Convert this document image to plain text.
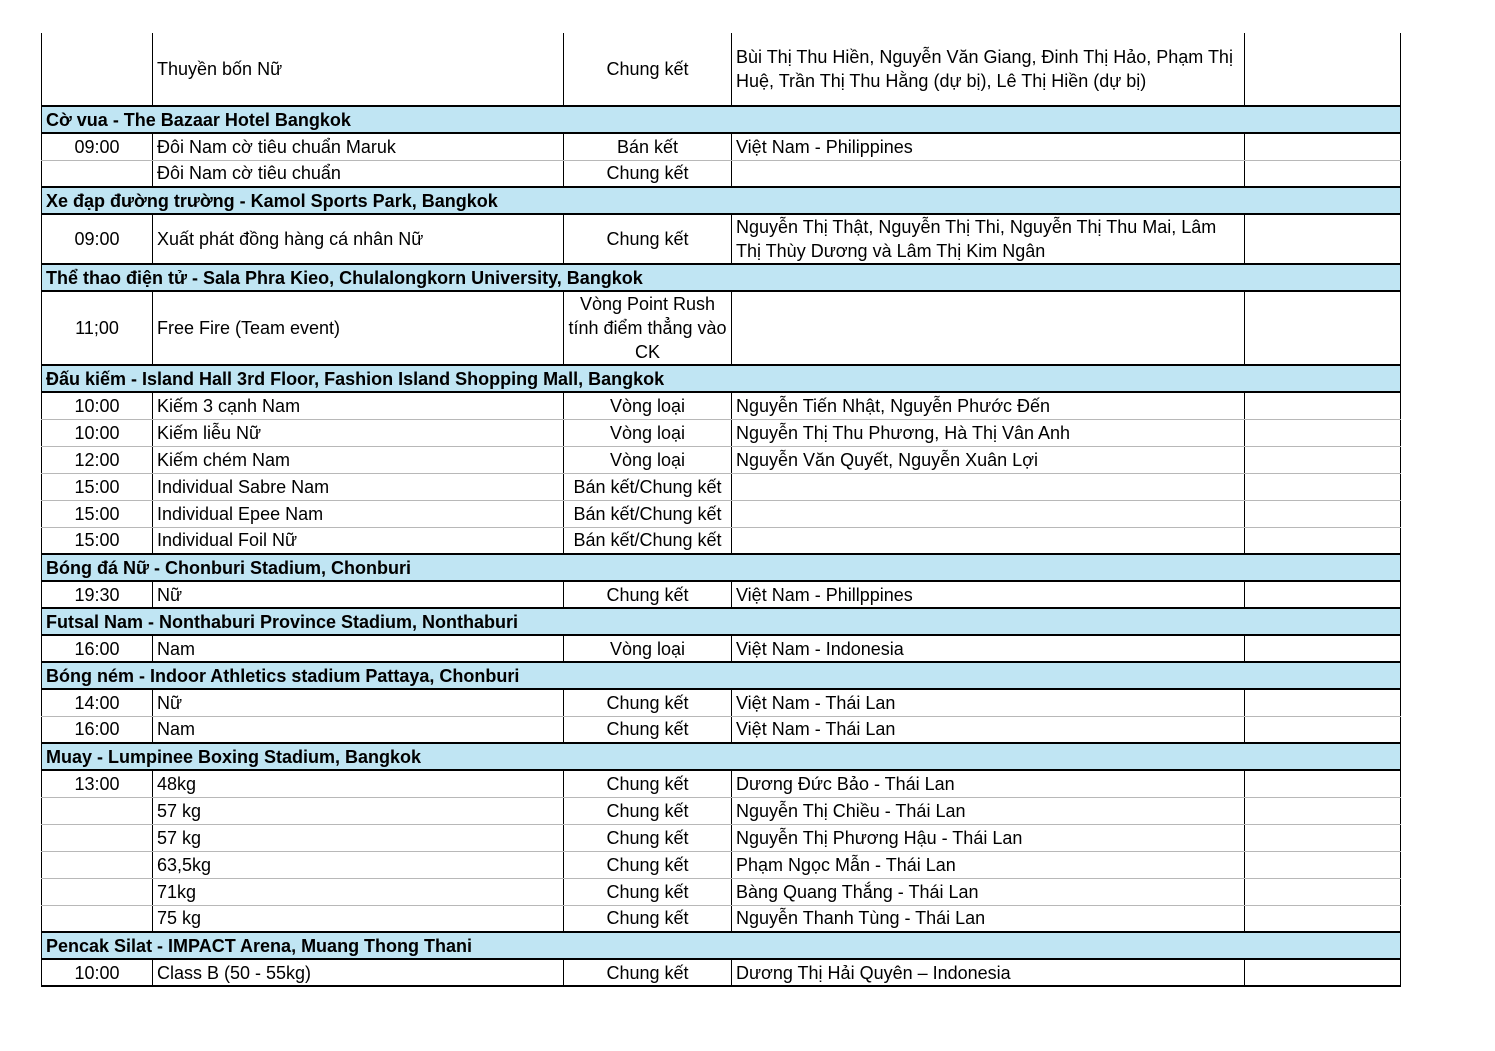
	Thuyền bốn Nữ	Chung kết	Bùi Thị Thu Hiền, Nguyễn Văn Giang, Đinh Thị Hảo, Phạm Thị Huệ, Trần Thị Thu Hằng (dự bị), Lê Thị Hiền (dự bị)	
Cờ vua - The Bazaar Hotel Bangkok				
09:00	Đôi Nam cờ tiêu chuẩn Maruk	Bán kết	Việt Nam - Philippines	
	Đôi Nam cờ tiêu chuẩn	Chung kết		
Xe đạp đường trường - Kamol Sports Park, Bangkok				
09:00	Xuất phát đồng hàng cá nhân Nữ	Chung kết	Nguyễn Thị Thật, Nguyễn Thị Thi, Nguyễn Thị Thu Mai, Lâm Thị Thùy Dương và Lâm Thị Kim Ngân	
Thể thao điện tử - Sala Phra Kieo, Chulalongkorn University, Bangkok				
11;00	Free Fire (Team event)	Vòng Point Rush tính điểm thẳng vào CK		
Đấu kiếm - Island Hall 3rd Floor, Fashion Island Shopping Mall, Bangkok				
10:00	Kiếm 3 cạnh Nam	Vòng loại	Nguyễn Tiến Nhật, Nguyễn Phước Đến	
10:00	Kiếm liễu Nữ	Vòng loại	Nguyễn Thị Thu Phương, Hà Thị Vân Anh	
12:00	Kiếm chém Nam	Vòng loại	Nguyễn Văn Quyết, Nguyễn Xuân Lợi	
15:00	Individual Sabre Nam	Bán kết/Chung kết		
15:00	Individual Epee Nam	Bán kết/Chung kết		
15:00	Individual Foil Nữ	Bán kết/Chung kết		
Bóng đá Nữ - Chonburi Stadium, Chonburi				
19:30	Nữ	Chung kết	Việt Nam - Phillppines	
Futsal Nam - Nonthaburi Province Stadium, Nonthaburi				
16:00	Nam	Vòng loại	Việt Nam - Indonesia	
Bóng ném - Indoor Athletics stadium Pattaya, Chonburi				
14:00	Nữ	Chung kết	Việt Nam - Thái Lan	
16:00	Nam	Chung kết	Việt Nam - Thái Lan	
Muay - Lumpinee Boxing Stadium, Bangkok				
13:00	48kg	Chung kết	Dương Đức Bảo - Thái Lan	
	57 kg	Chung kết	Nguyễn Thị Chiều - Thái Lan	
	57 kg	Chung kết	Nguyễn Thị Phương Hậu - Thái Lan	
	63,5kg	Chung kết	Phạm Ngọc Mẫn - Thái Lan	
	71kg	Chung kết	Bàng Quang Thắng - Thái Lan	
	75 kg	Chung kết	Nguyễn Thanh Tùng - Thái Lan	
Pencak Silat - IMPACT Arena, Muang Thong Thani				
10:00	Class B (50 - 55kg)	Chung kết	Dương Thị Hải Quyên – Indonesia	
